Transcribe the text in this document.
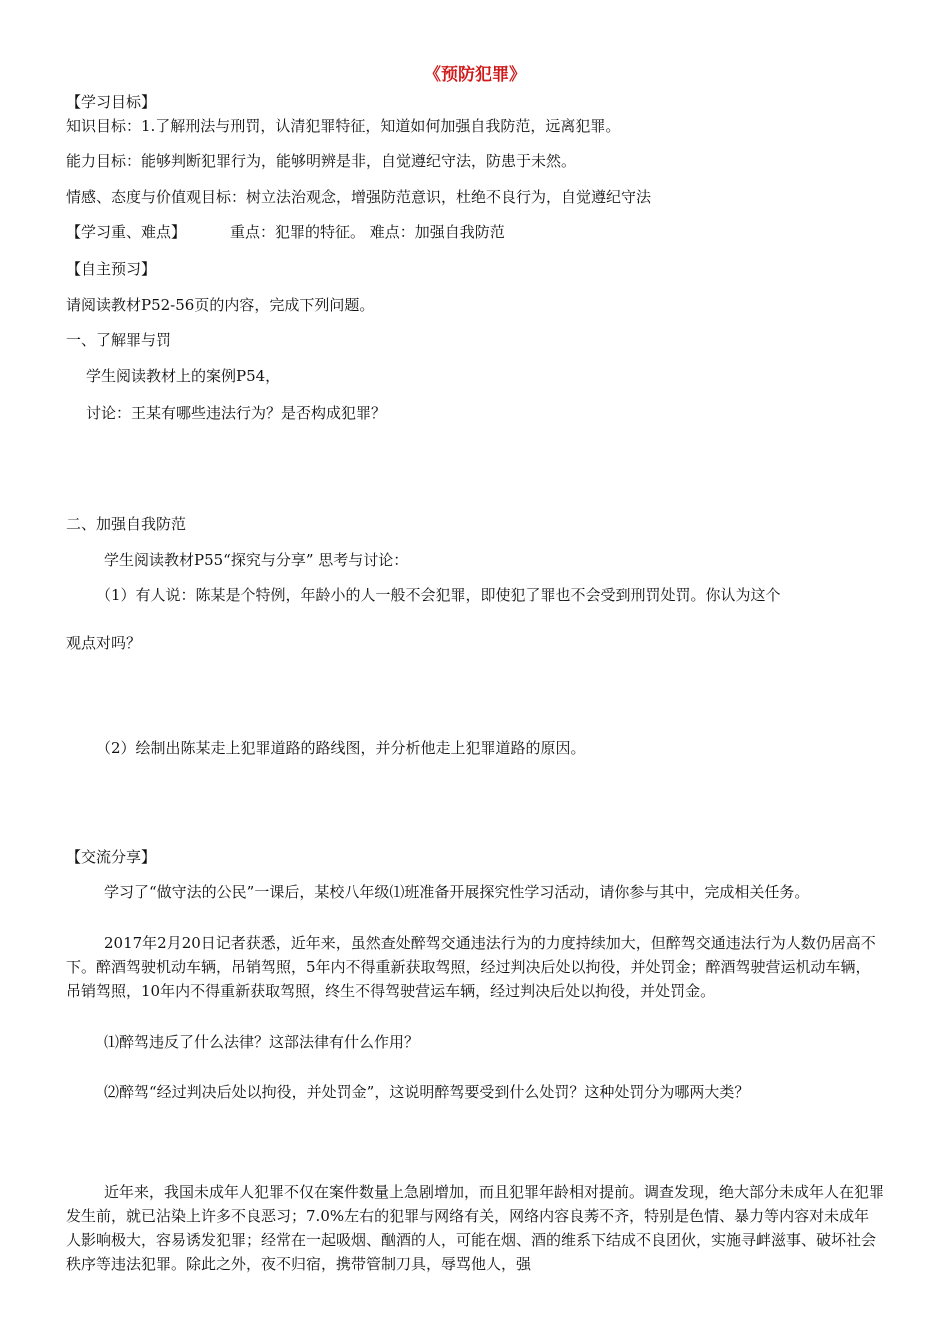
《预防犯罪》
【学习目标】
知识目标：1.了解刑法与刑罚，认清犯罪特征，知道如何加强自我防范，远离犯罪。
能力目标：能够判断犯罪行为，能够明辨是非，自觉遵纪守法，防患于未然。
情感、态度与价值观目标：树立法治观念，增强防范意识，杜绝不良行为，自觉遵纪守法
【学习重、难点】	重点：犯罪的特征。 难点：加强自我防范
【自主预习】
请阅读教材P52-56页的内容，完成下列问题。
一、了解罪与罚
学生阅读教材上的案例P54，
讨论：王某有哪些违法行为？是否构成犯罪？
二、加强自我防范
学生阅读教材P55“探究与分享” 思考与讨论：
（1）有人说：陈某是个特例，年龄小的人一般不会犯罪，即使犯了罪也不会受到刑罚处罚。你认为这个
观点对吗？
（2）绘制出陈某走上犯罪道路的路线图，并分析他走上犯罪道路的原因。
【交流分享】
学习了“做守法的公民”一课后，某校八年级⑴班准备开展探究性学习活动，请你参与其中，完成相关任务。
2017年2月20日记者获悉，近年来，虽然查处醉驾交通违法行为的力度持续加大，但醉驾交通违法行为人数仍居高不下。醉酒驾驶机动车辆，吊销驾照，5年内不得重新获取驾照，经过判决后处以拘役，并处罚金；醉酒驾驶营运机动车辆，吊销驾照，10年内不得重新获取驾照，终生不得驾驶营运车辆，经过判决后处以拘役，并处罚金。
⑴醉驾违反了什么法律？这部法律有什么作用？
⑵醉驾“经过判决后处以拘役，并处罚金”，这说明醉驾要受到什么处罚？这种处罚分为哪两大类？
近年来，我国未成年人犯罪不仅在案件数量上急剧增加，而且犯罪年龄相对提前。调查发现，绝大部分未成年人在犯罪发生前，就已沾染上许多不良恶习；7.0%左右的犯罪与网络有关，网络内容良莠不齐，特别是色情、暴力等内容对未成年人影响极大，容易诱发犯罪；经常在一起吸烟、酗酒的人，可能在烟、酒的维系下结成不良团伙，实施寻衅滋事、破坏社会秩序等违法犯罪。除此之外，夜不归宿，携带管制刀具，辱骂他人，强
